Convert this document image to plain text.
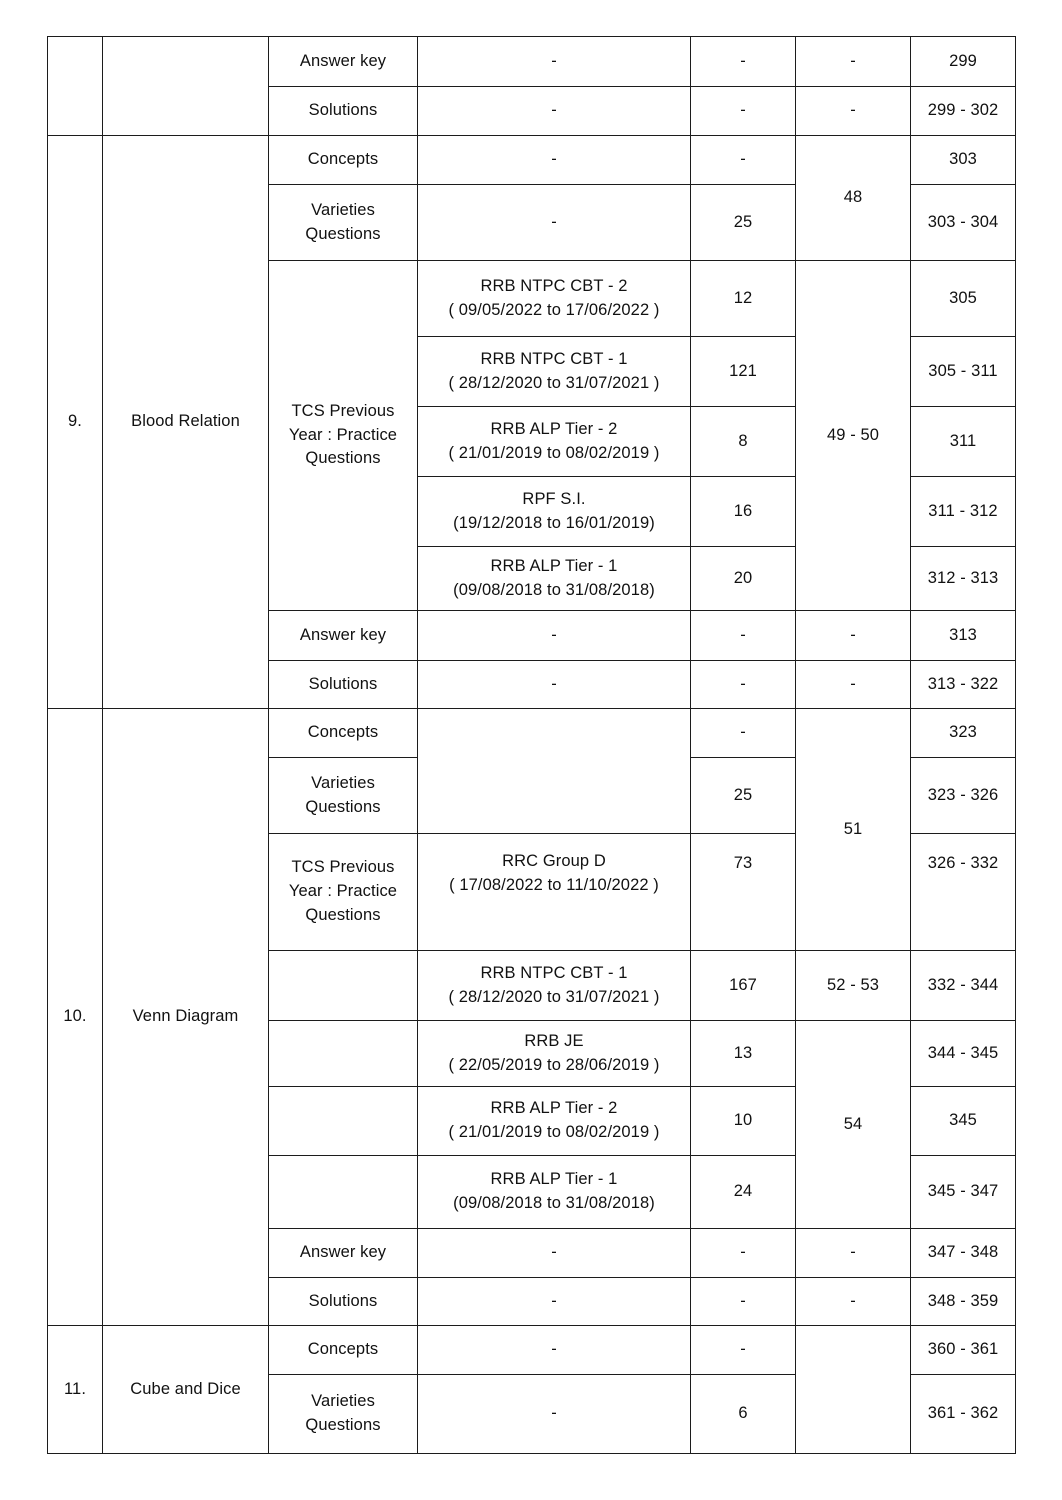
		Answer key	-	-	-	299
		Solutions	-	-	-	299 - 302
9.	Blood Relation	Concepts	-	-	48	303
		Varieties
Questions	-	25		303 - 304
		TCS Previous
Year : Practice
Questions	RRB NTPC CBT - 2
( 09/05/2022 to 17/06/2022 )	12	49 - 50	305

			RRB NTPC CBT - 1
( 28/12/2020 to 31/07/2021 )	121		305 - 311

			RRB ALP Tier - 2
( 21/01/2019 to 08/02/2019 )	8		311

			RPF S.I.
(19/12/2018 to 16/01/2019)	16		311 - 312

			RRB ALP Tier - 1
(09/08/2018 to 31/08/2018)	20		312 - 313
		Answer key	-	-	-	313
		Solutions	-	-	-	313 - 322
10.	Venn Diagram	Concepts		-	51	323
		Varieties
Questions		25		323 - 326
		TCS Previous
Year : Practice
Questions	RRC Group D
( 17/08/2022 to 11/10/2022 )	73		326 - 332

			RRB NTPC CBT - 1
( 28/12/2020 to 31/07/2021 )	167	52 - 53	332 - 344

			RRB JE
( 22/05/2019 to 28/06/2019 )	13	54	344 - 345

			RRB ALP Tier - 2
( 21/01/2019 to 08/02/2019 )	10		345

			RRB ALP Tier - 1
(09/08/2018 to 31/08/2018)	24		345 - 347
		Answer key	-	-	-	347 - 348
		Solutions	-	-	-	348 - 359
11.	Cube and Dice	Concepts	-	-		360 - 361
		Varieties
Questions	-	6		361 - 362
